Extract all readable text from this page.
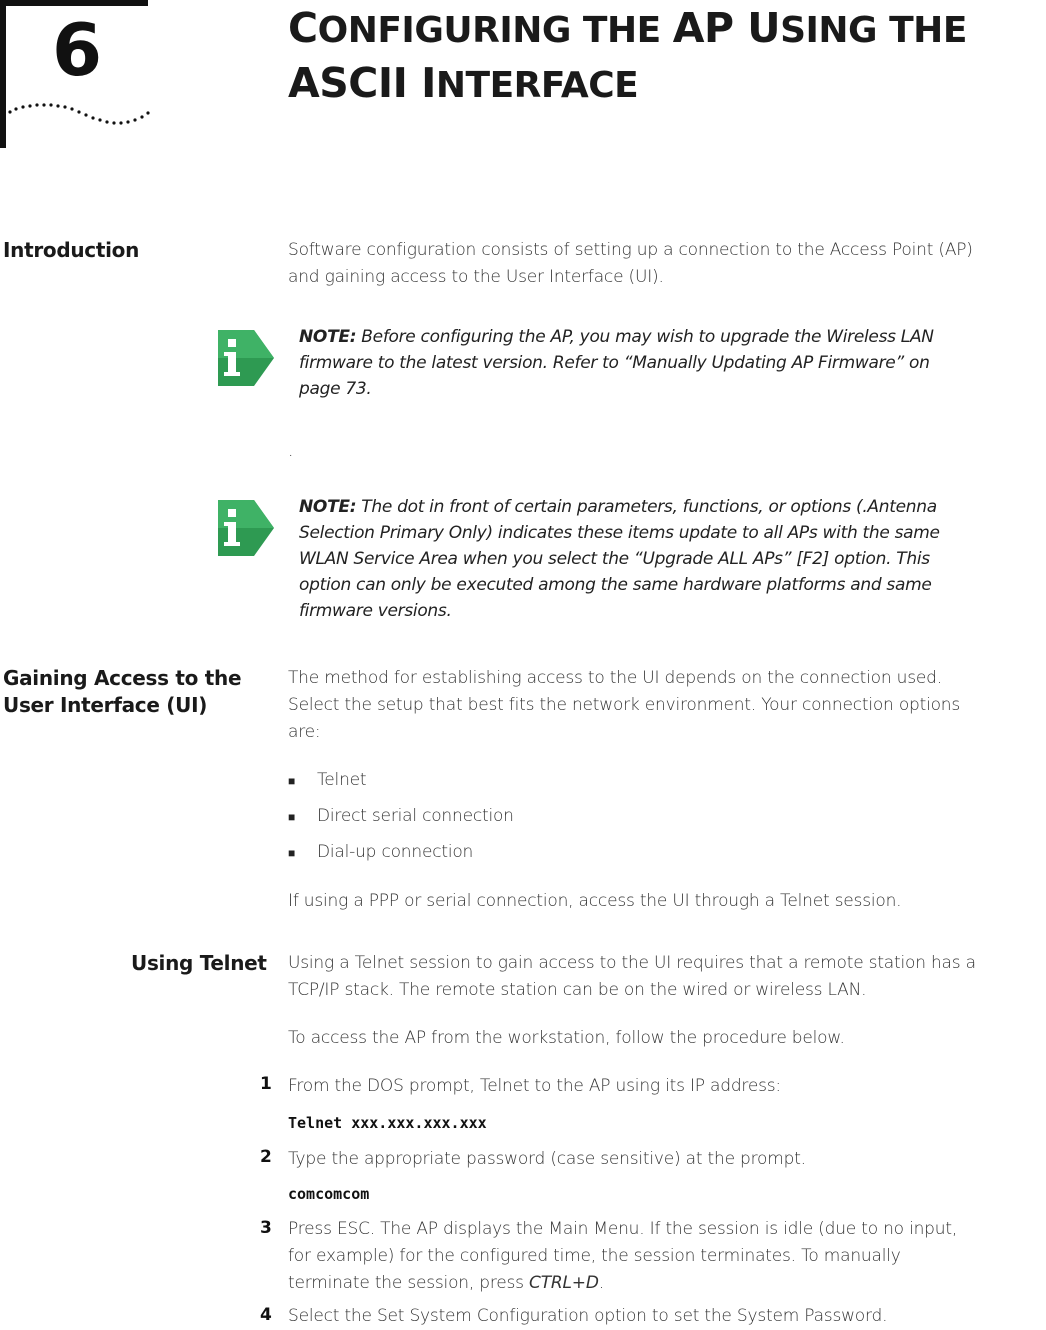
6	CONFIGURING THE AP USING THE
ASCII INTERFACE
Introduction	Software configuration consists of setting up a connection to the Access Point (AP)
and gaining access to the User Interface (UI).
NOTE: Before configuring the AP, you may wish to upgrade the Wireless LAN
firmware to the latest version. Refer to “Manually Updating AP Firmware” on
page 73.
.
NOTE: The dot in front of certain parameters, functions, or options (.Antenna
Selection Primary Only) indicates these items update to all APs with the same
WLAN Service Area when you select the “Upgrade ALL APs” [F2] option. This
option can only be executed among the same hardware platforms and same
firmware versions.
Gaining Access to the
User Interface (UI)
The method for establishing access to the UI depends on the connection used.
Select the setup that best fits the network environment. Your connection options
are:
■ Telnet
■ Direct serial connection
■ Dial-up connection
If using a PPP or serial connection, access the UI through a Telnet session.
Using Telnet Using a Telnet session to gain access to the UI requires that a remote station has a
TCP/IP stack. The remote station can be on the wired or wireless LAN.
To access the AP from the workstation, follow the procedure below.
1 From the DOS prompt, Telnet to the AP using its IP address:
Telnet xxx.xxx.xxx.xxx
2 Type the appropriate password (case sensitive) at the prompt.
comcomcom
3 Press ESC. The AP displays the Main Menu. If the session is idle (due to no input,
for example) for the configured time, the session terminates. To manually
terminate the session, press CTRL+D.
4 Select the Set System Configuration option to set the System Password.
